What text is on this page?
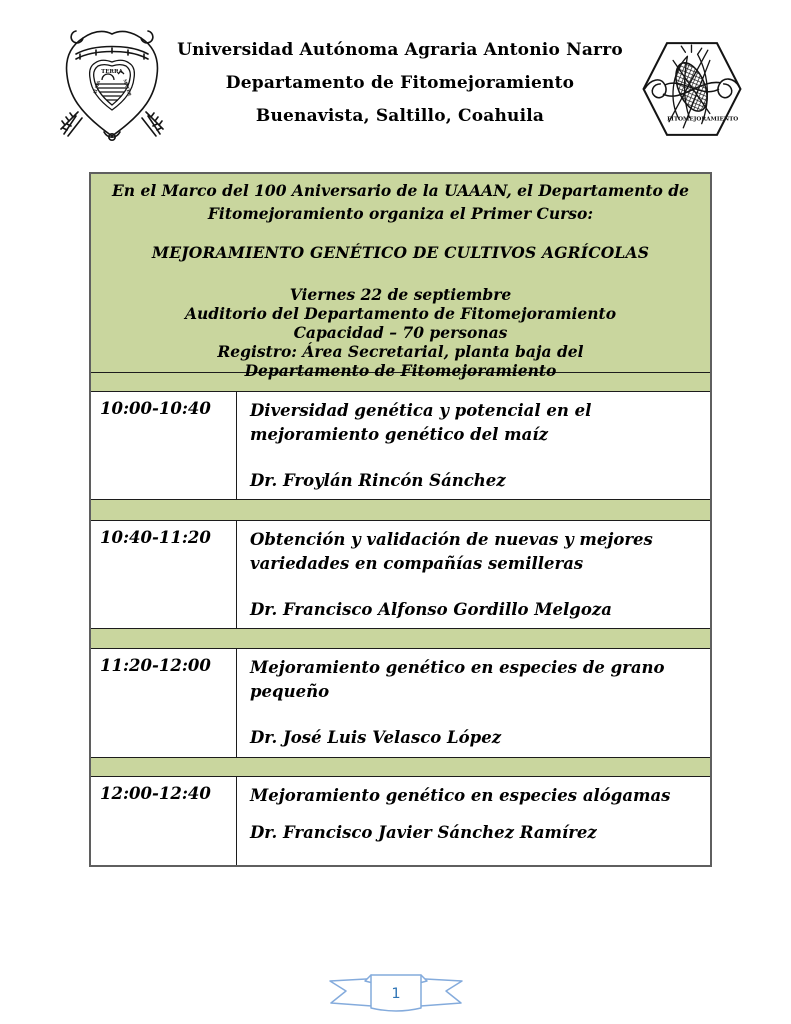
TERRA
ALMA	MATER
Universidad Autónoma Agraria Antonio Narro
Departamento de Fitomejoramiento
Buenavista, Saltillo, Coahuila	FITOMEJORAMIENTO
En el Marco del 100 Aniversario de la UAAAN, el Departamento de
Fitomejoramiento organiza el Primer Curso:
MEJORAMIENTO GENÉTICO DE CULTIVOS AGRÍCOLAS
Viernes 22 de septiembre
Auditorio del Departamento de Fitomejoramiento
Capacidad – 70 personas
Registro: Área Secretarial, planta baja del
Departamento de Fitomejoramiento
10:00-10:40	Diversidad genética y potencial en el mejoramiento genético del maíz
Dr. Froylán Rincón Sánchez
10:40-11:20	Obtención y validación de nuevas y mejores variedades en compañías semilleras
Dr. Francisco Alfonso Gordillo Melgoza
11:20-12:00	Mejoramiento genético en especies de grano pequeño
Dr. José Luis Velasco López
12:00-12:40	Mejoramiento genético en especies alógamas
Dr. Francisco Javier Sánchez Ramírez
1
